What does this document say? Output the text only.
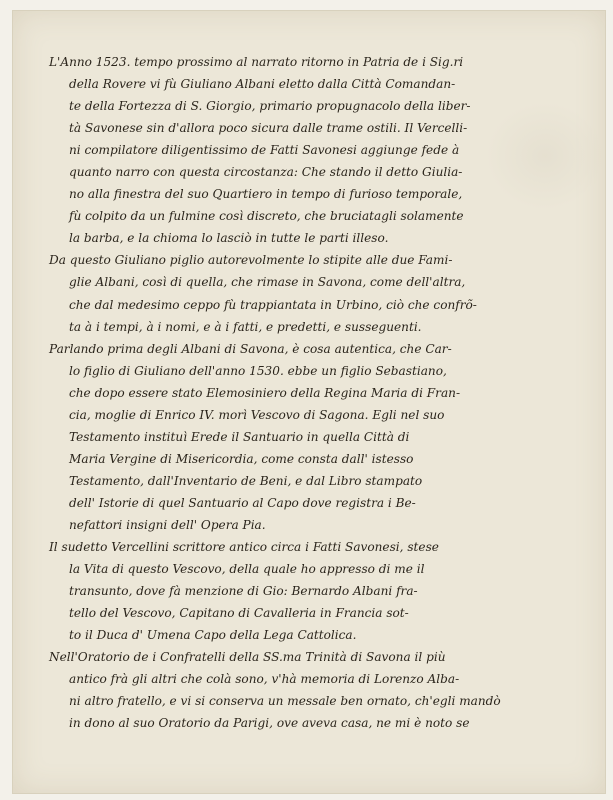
L'Anno 1523. tempo prossimo al narrato ritorno in Patria de i Sig.ri
della Rovere vi fù Giuliano Albani eletto dalla Città Comandan-
te della Fortezza di S. Giorgio, primario propugnacolo della liber-
tà Savonese sin d'allora poco sicura dalle trame ostili. Il Vercelli-
ni compilatore diligentissimo de Fatti Savonesi aggiunge fede à
quanto narro con questa circostanza: Che stando il detto Giulia-
no alla finestra del suo Quartiero in tempo di furioso temporale,
fù colpito da un fulmine così discreto, che bruciatagli solamente
la barba, e la chioma lo lasciò in tutte le parti illeso.
Da questo Giuliano piglio autorevolmente lo stipite alle due Fami-
glie Albani, così di quella, che rimase in Savona, come dell'altra,
che dal medesimo ceppo fù trappiantata in Urbino, ciò che confrõ-
ta à i tempi, à i nomi, e à i fatti, e predetti, e susseguenti.
Parlando prima degli Albani di Savona, è cosa autentica, che Car-
lo figlio di Giuliano dell'anno 1530. ebbe un figlio Sebastiano,
che dopo essere stato Elemosiniero della Regina Maria di Fran-
cia, moglie di Enrico IV. morì Vescovo di Sagona. Egli nel suo
Testamento instituì Erede il Santuario in quella Città di
Maria Vergine di Misericordia, come consta dall' istesso
Testamento, dall'Inventario de Beni, e dal Libro stampato
dell' Istorie di quel Santuario al Capo dove registra i Be-
nefattori insigni dell' Opera Pia.
Il sudetto Vercellini scrittore antico circa i Fatti Savonesi, stese
la Vita di questo Vescovo, della quale ho appresso di me il
transunto, dove fà menzione di Gio: Bernardo Albani fra-
tello del Vescovo, Capitano di Cavalleria in Francia sot-
to il Duca d' Umena Capo della Lega Cattolica.
Nell'Oratorio de i Confratelli della SS.ma Trinità di Savona il più
antico frà gli altri che colà sono, v'hà memoria di Lorenzo Alba-
ni altro fratello, e vi si conserva un messale ben ornato, ch'egli mandò
in dono al suo Oratorio da Parigi, ove aveva casa, ne mi è noto se
